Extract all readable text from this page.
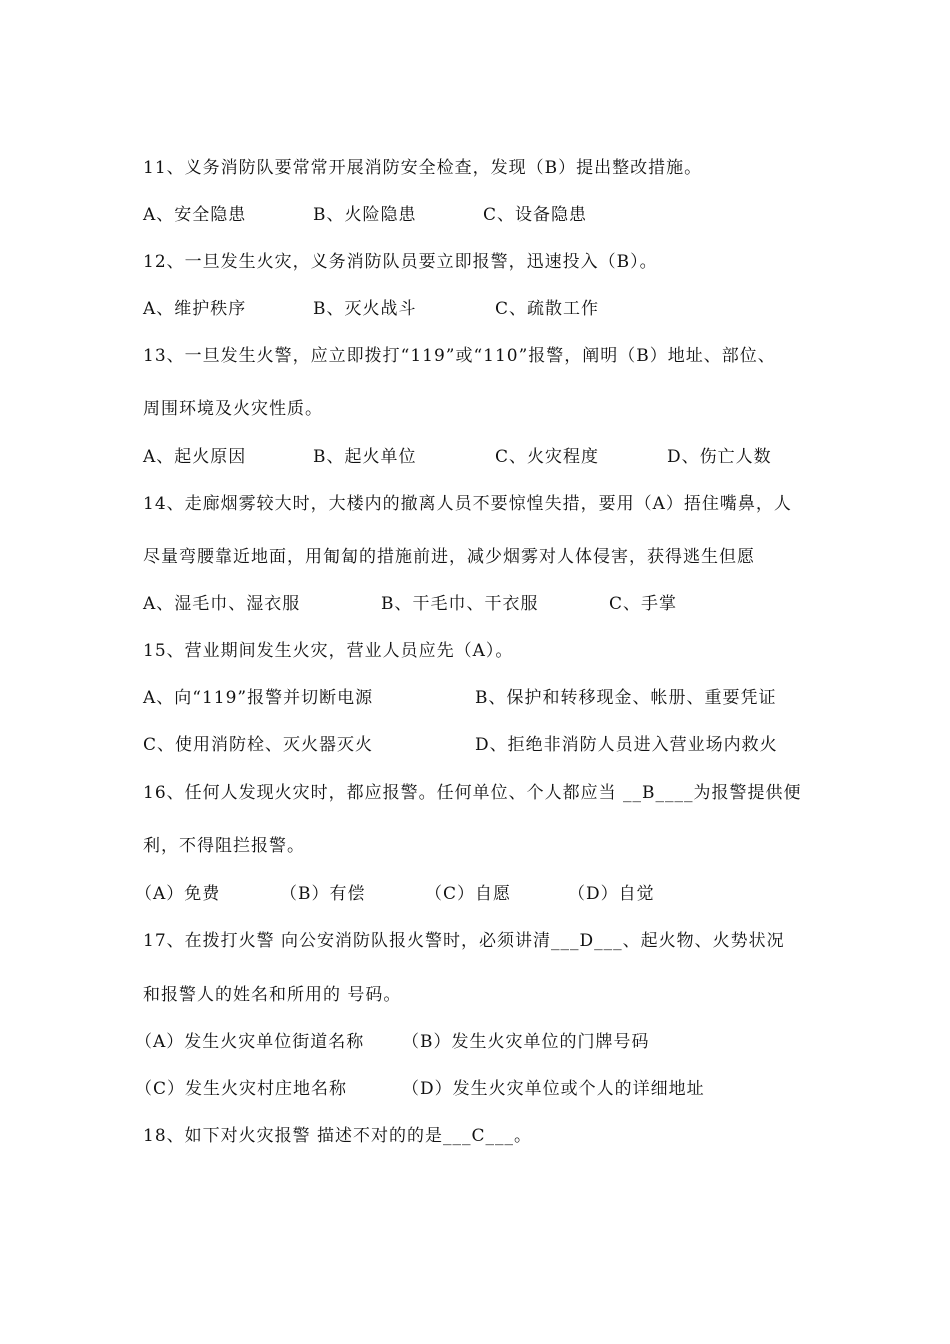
11、义务消防队要常常开展消防安全检查，发现（B）提出整改措施。
A、安全隐患	B、火险隐患	C、设备隐患
12、一旦发生火灾，义务消防队员要立即报警，迅速投入（B）。
A、维护秩序	B、灭火战斗	C、疏散工作
13、一旦发生火警，应立即拨打“119”或“110”报警，阐明（B）地址、部位、
周围环境及火灾性质。
A、起火原因	B、起火单位	C、火灾程度	D、伤亡人数
14、走廊烟雾较大时，大楼内的撤离人员不要惊惶失措，要用（A）捂住嘴鼻，人
尽量弯腰靠近地面，用匍匐的措施前进，减少烟雾对人体侵害，获得逃生但愿
A、湿毛巾、湿衣服	B、干毛巾、干衣服	C、手掌
15、营业期间发生火灾，营业人员应先（A）。
A、向“119”报警并切断电源	B、保护和转移现金、帐册、重要凭证
C、使用消防栓、灭火器灭火	D、拒绝非消防人员进入营业场内救火
16、任何人发现火灾时，都应报警。任何单位、个人都应当 __B____为报警提供便
利，不得阻拦报警。
（A）免费	（B）有偿	（C）自愿	（D）自觉
17、在拨打火警 向公安消防队报火警时，必须讲清___D___、起火物、火势状况
和报警人的姓名和所用的 号码。
（A）发生火灾单位街道名称 （B）发生火灾单位的门牌号码
（C）发生火灾村庄地名称	（D）发生火灾单位或个人的详细地址
18、如下对火灾报警 描述不对的的是___C___。
